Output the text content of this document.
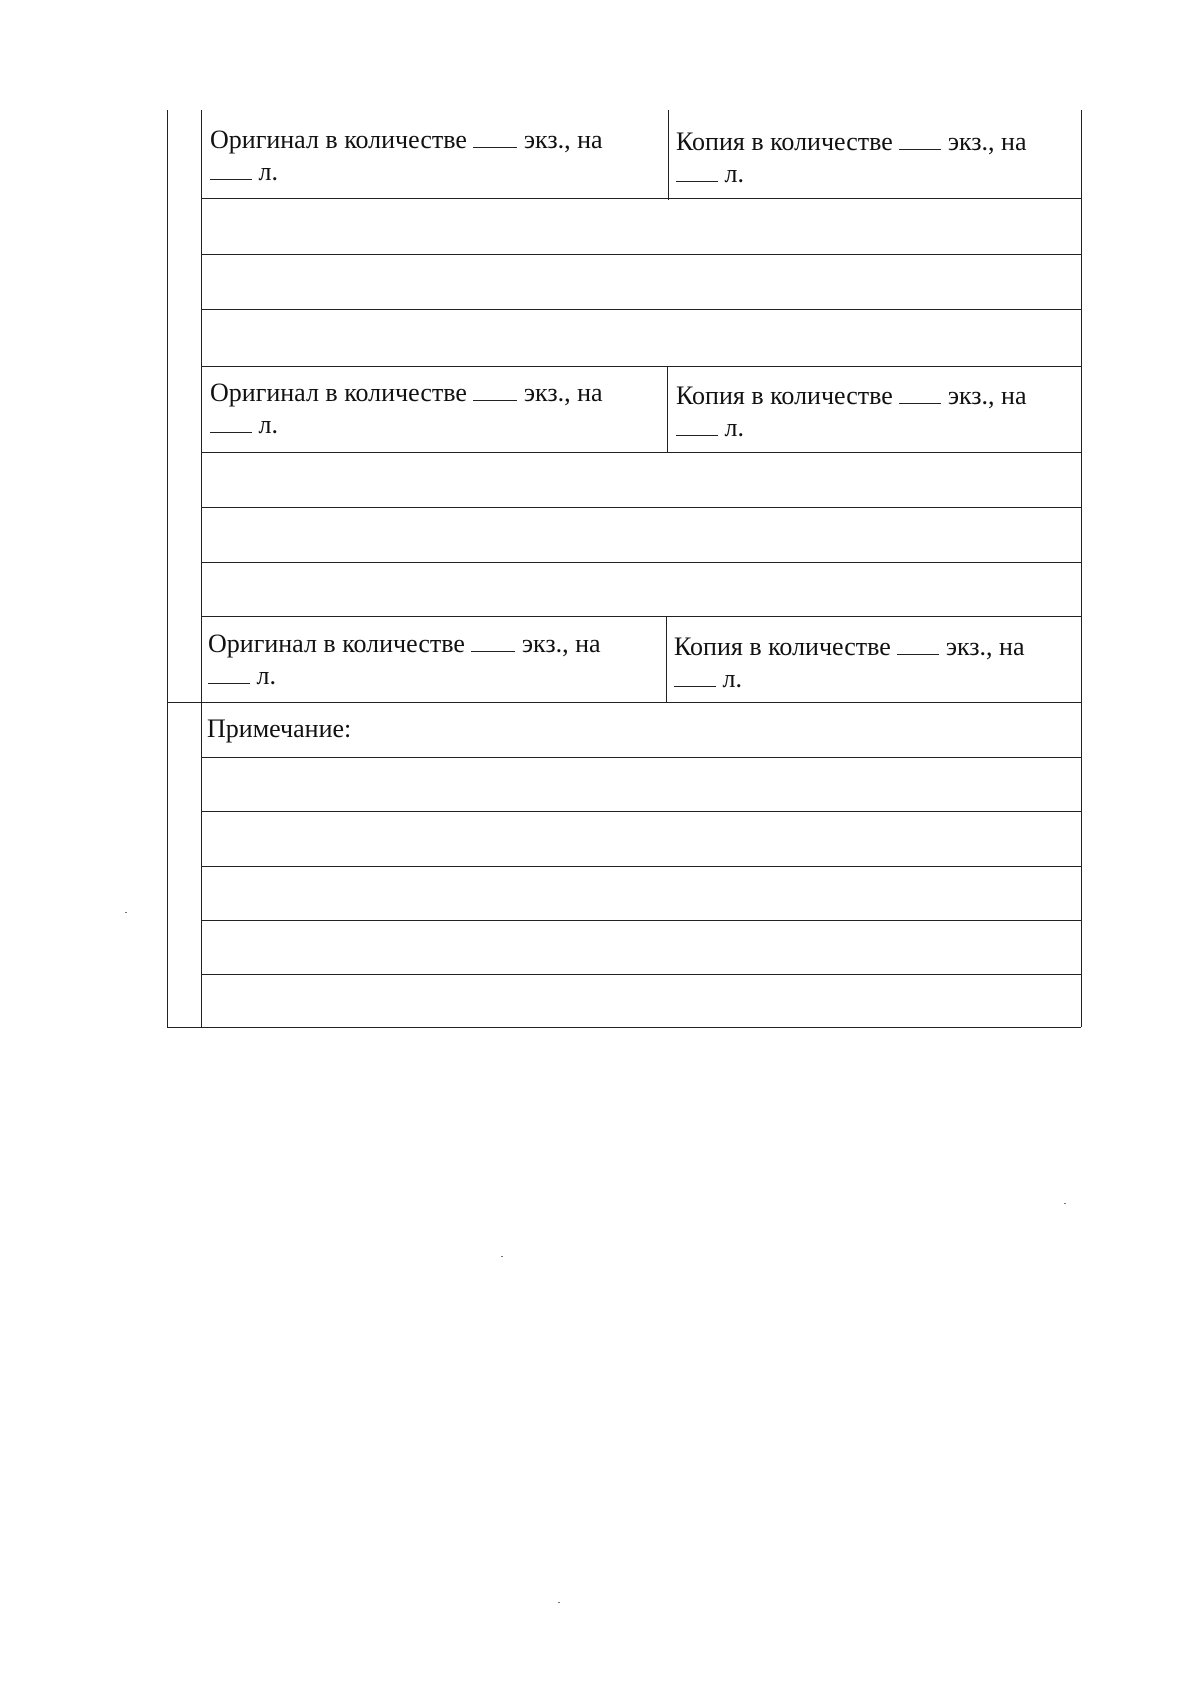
Оригинал в количестве экз., на
л.
Копия в количестве экз., на
л.
Оригинал в количестве экз., на
л.
Копия в количестве экз., на
л.
Оригинал в количестве экз., на
л.
Копия в количестве экз., на
л.
Примечание:
